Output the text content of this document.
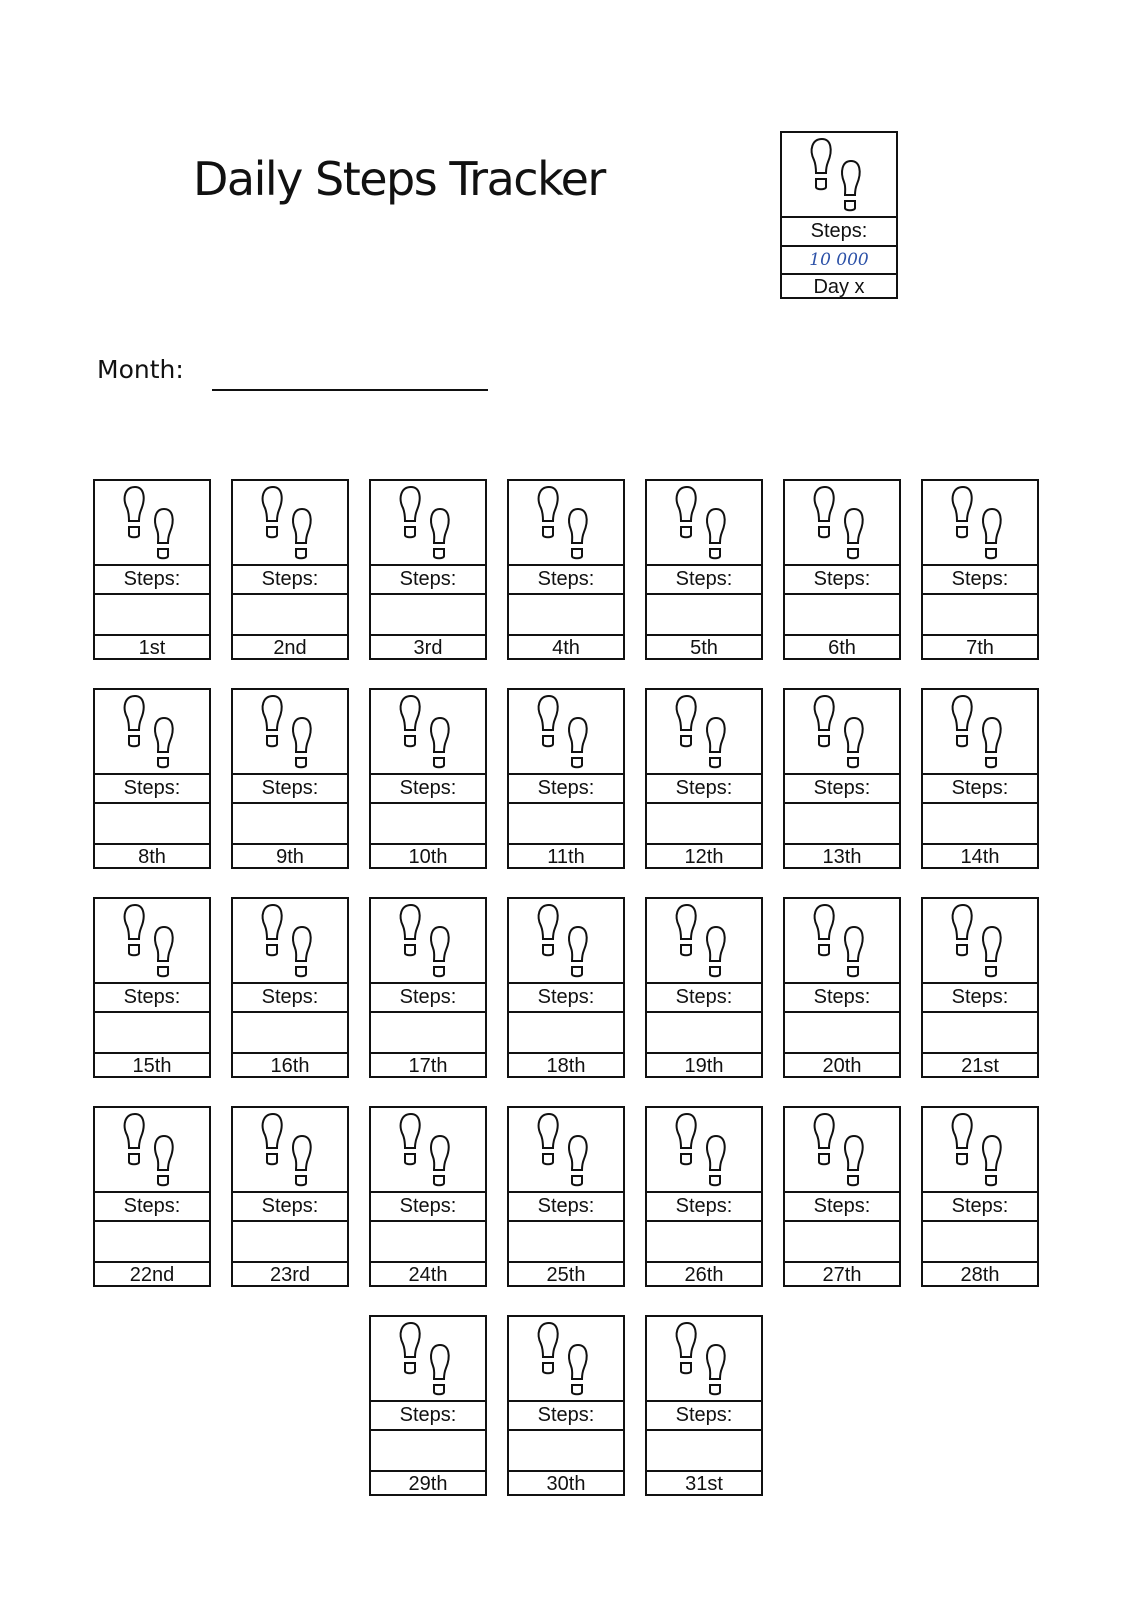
Daily Steps Tracker
Steps:
10 000
Day x
Month:
Steps:
1st
Steps:
2nd
Steps:
3rd
Steps:
4th
Steps:
5th
Steps:
6th
Steps:
7th
Steps:
8th
Steps:
9th
Steps:
10th
Steps:
11th
Steps:
12th
Steps:
13th
Steps:
14th
Steps:
15th
Steps:
16th
Steps:
17th
Steps:
18th
Steps:
19th
Steps:
20th
Steps:
21st
Steps:
22nd
Steps:
23rd
Steps:
24th
Steps:
25th
Steps:
26th
Steps:
27th
Steps:
28th
Steps:
29th
Steps:
30th
Steps:
31st
